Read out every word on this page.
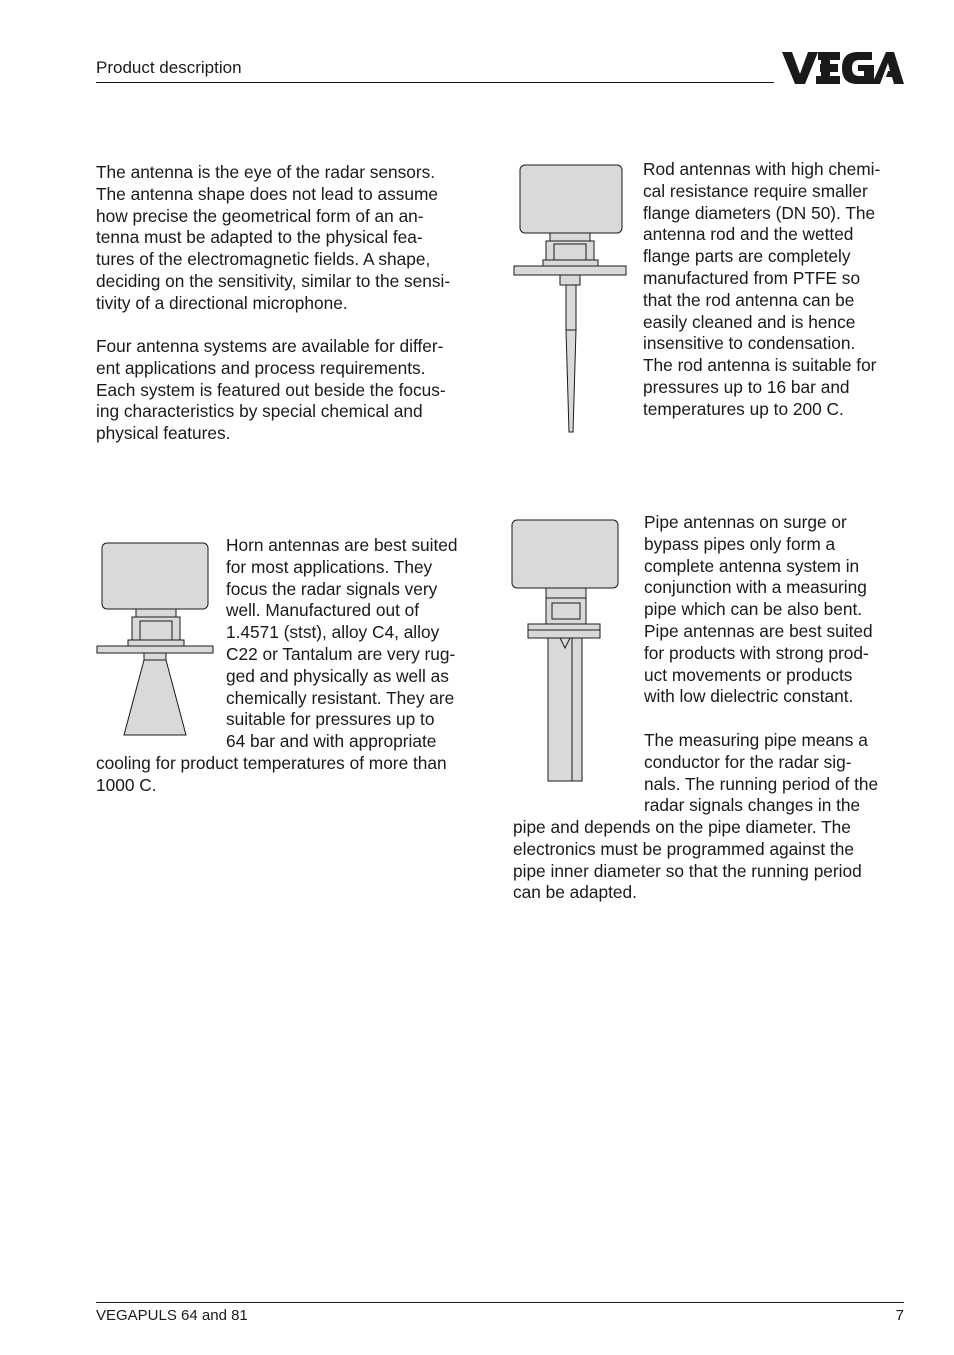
Product description
The antenna is the eye of the radar sensors.
The antenna shape does not lead to assume
how precise the geometrical form of an an-
tenna must be adapted to the physical fea-
tures of the electromagnetic fields. A shape,
deciding on the sensitivity, similar to the sensi-
tivity of a directional microphone.
Four antenna systems are available for differ-
ent applications and process requirements.
Each system is featured out beside the focus-
ing characteristics by special chemical and
physical features.
Rod antennas with high chemi-
cal resistance require smaller
flange diameters (DN 50). The
antenna rod and the wetted
flange parts are completely
manufactured from PTFE so
that the rod antenna can be
easily cleaned and is hence
insensitive to condensation.
The rod antenna is suitable for
pressures up to 16 bar and
temperatures up to 200 C.
Horn antennas are best suited
for most applications. They
focus the radar signals very
well. Manufactured out of
1.4571 (stst), alloy C4, alloy
C22 or Tantalum are very rug-
ged and physically as well as
chemically resistant. They are
suitable for pressures up to
64 bar and with appropriate
cooling for product temperatures of more than
1000 C.
Pipe antennas on surge or
bypass pipes only form a
complete antenna system in
conjunction with a measuring
pipe which can be also bent.
Pipe antennas are best suited
for products with strong prod-
uct movements or products
with low dielectric constant.
The measuring pipe means a
conductor for the radar sig-
nals. The running period of the
radar signals changes in the
pipe and depends on the pipe diameter. The
electronics must be programmed against the
pipe inner diameter so that the running period
can be adapted.
VEGAPULS 64 and 81	7
